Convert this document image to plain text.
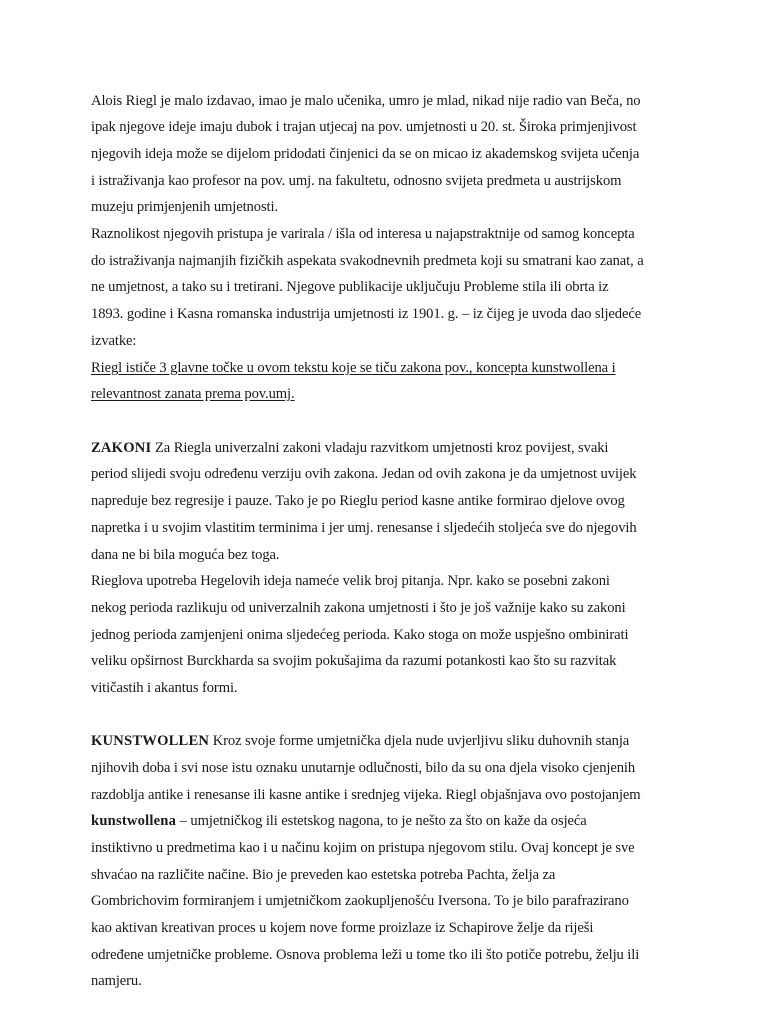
Alois Riegl je malo izdavao, imao je malo učenika, umro je mlad, nikad nije radio van Beča, no
ipak njegove ideje imaju dubok i trajan utjecaj na pov. umjetnosti u 20. st. Široka primjenjivost
njegovih ideja može se dijelom pridodati činjenici da se on micao iz akademskog svijeta učenja
i istraživanja kao profesor na pov. umj. na fakultetu, odnosno svijeta predmeta u austrijskom
muzeju primjenjenih umjetnosti.
Raznolikost njegovih pristupa je varirala / išla od interesa u najapstraktnije od samog koncepta
do istraživanja najmanjih fizičkih aspekata svakodnevnih predmeta koji su smatrani kao zanat, a
ne umjetnost, a tako su i tretirani. Njegove publikacije uključuju Probleme stila ili obrta iz
1893. godine i Kasna romanska industrija umjetnosti iz 1901. g. – iz čijeg je uvoda dao sljedeće
izvatke:
Riegl ističe 3 glavne točke u ovom tekstu koje se tiču zakona pov., koncepta kunstwollena i
relevantnost zanata prema pov.umj.
ZAKONI Za Riegla univerzalni zakoni vladaju razvitkom umjetnosti kroz povijest, svaki
period slijedi svoju određenu verziju ovih zakona. Jedan od ovih zakona je da umjetnost uvijek
napreduje bez regresije i pauze. Tako je po Rieglu period kasne antike formirao djelove ovog
napretka i u svojim vlastitim terminima i jer umj. renesanse i sljedećih stoljeća sve do njegovih
dana ne bi bila moguća bez toga.
Rieglova upotreba Hegelovih ideja nameće velik broj pitanja. Npr. kako se posebni zakoni
nekog perioda razlikuju od univerzalnih zakona umjetnosti i što je još važnije kako su zakoni
jednog perioda zamjenjeni onima sljedećeg perioda. Kako stoga on može uspješno ombinirati
veliku opširnost Burckharda sa svojim pokušajima da razumi potankosti kao što su razvitak
vitičastih i akantus formi.
KUNSTWOLLEN Kroz svoje forme umjetnička djela nude uvjerljivu sliku duhovnih stanja
njihovih doba i svi nose istu oznaku unutarnje odlučnosti, bilo da su ona djela visoko cjenjenih
razdoblja antike i renesanse ili kasne antike i srednjeg vijeka. Riegl objašnjava ovo postojanjem
kunstwollena – umjetničkog ili estetskog nagona, to je nešto za što on kaže da osjeća
instiktivno u predmetima kao i u načinu kojim on pristupa njegovom stilu. Ovaj koncept je sve
shvaćao na različite načine. Bio je preveden kao estetska potreba Pachta, želja za
Gombrichovim formiranjem i umjetničkom zaokupljenošću Iversona. To je bilo parafrazirano
kao aktivan kreativan proces u kojem nove forme proizlaze iz Schapirove želje da riješi
određene umjetničke probleme. Osnova problema leži u tome tko ili što potiče potrebu, želju ili
namjeru.
